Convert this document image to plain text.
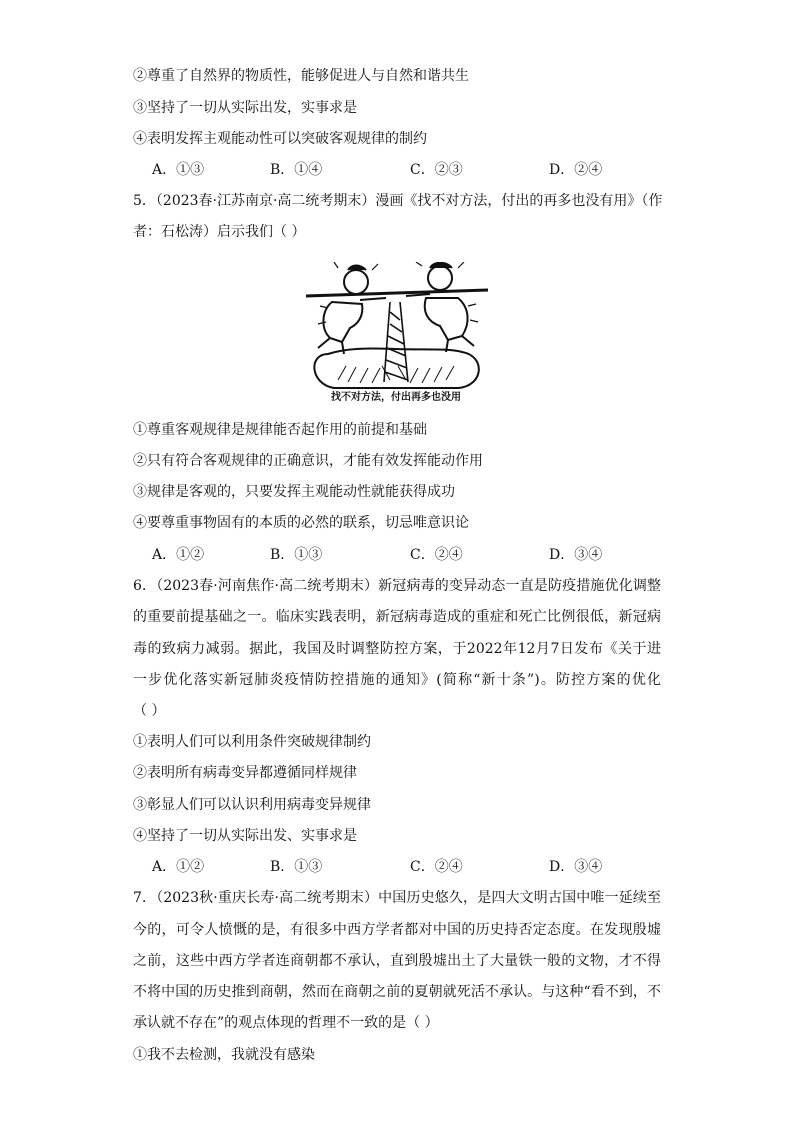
②尊重了自然界的物质性，能够促进人与自然和谐共生
③坚持了一切从实际出发，实事求是
④表明发挥主观能动性可以突破客观规律的制约
A．①③	B．①④	C．②③	D．②④
5．（2023春·江苏南京·高二统考期末）漫画《找不对方法，付出的再多也没有用》（作
者：石松涛）启示我们（ ）
找不对方法，付出再多也没用
①尊重客观规律是规律能否起作用的前提和基础
②只有符合客观规律的正确意识，才能有效发挥能动作用
③规律是客观的，只要发挥主观能动性就能获得成功
④要尊重事物固有的本质的必然的联系，切忌唯意识论
A．①②	B．①③	C．②④	D．③④
6．（2023春·河南焦作·高二统考期末）新冠病毒的变异动态一直是防疫措施优化调整
的重要前提基础之一。临床实践表明，新冠病毒造成的重症和死亡比例很低，新冠病
毒的致病力减弱。据此，我国及时调整防控方案，于2022年12月7日发布《关于进
一步优化落实新冠肺炎疫情防控措施的通知》(简称“新十条”)。防控方案的优化
（ ）
①表明人们可以利用条件突破规律制约
②表明所有病毒变异都遵循同样规律
③彰显人们可以认识利用病毒变异规律
④坚持了一切从实际出发、实事求是
A．①②	B．①③	C．②④	D．③④
7．（2023秋·重庆长寿·高二统考期末）中国历史悠久，是四大文明古国中唯一延续至
今的，可令人愤慨的是，有很多中西方学者都对中国的历史持否定态度。在发现殷墟
之前，这些中西方学者连商朝都不承认，直到殷墟出土了大量铁一般的文物，才不得
不将中国的历史推到商朝，然而在商朝之前的夏朝就死活不承认。与这种“看不到，不
承认就不存在”的观点体现的哲理不一致的是（ ）
①我不去检测，我就没有感染
